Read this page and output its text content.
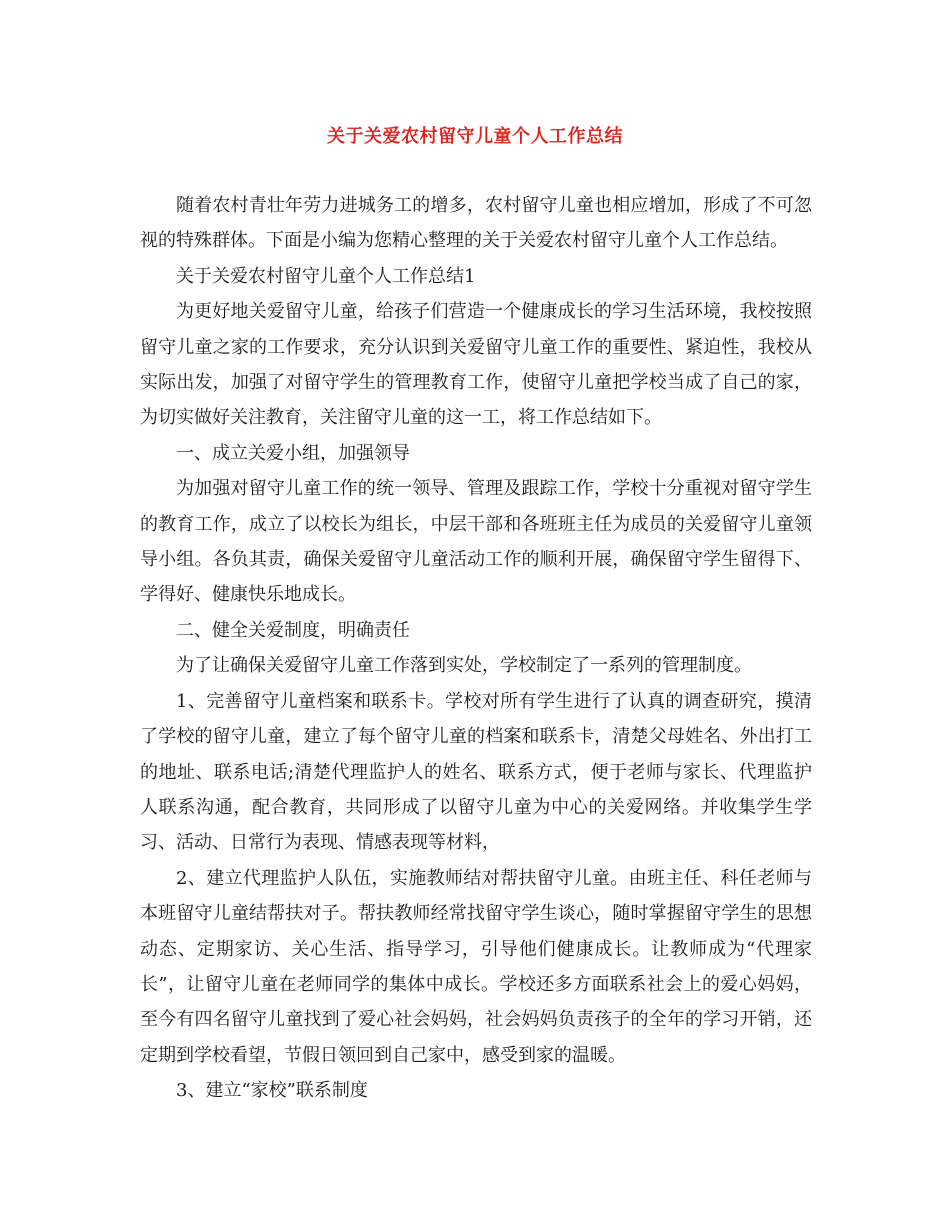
关于关爱农村留守儿童个人工作总结

随着农村青壮年劳力进城务工的增多，农村留守儿童也相应增加，形成了不可忽视的特殊群体。下面是小编为您精心整理的关于关爱农村留守儿童个人工作总结。

关于关爱农村留守儿童个人工作总结1

为更好地关爱留守儿童，给孩子们营造一个健康成长的学习生活环境，我校按照留守儿童之家的工作要求，充分认识到关爱留守儿童工作的重要性、紧迫性，我校从实际出发，加强了对留守学生的管理教育工作，使留守儿童把学校当成了自己的家，为切实做好关注教育，关注留守儿童的这一工，将工作总结如下。

一、成立关爱小组，加强领导

为加强对留守儿童工作的统一领导、管理及跟踪工作，学校十分重视对留守学生的教育工作，成立了以校长为组长，中层干部和各班班主任为成员的关爱留守儿童领导小组。各负其责，确保关爱留守儿童活动工作的顺利开展，确保留守学生留得下、学得好、健康快乐地成长。

二、健全关爱制度，明确责任

为了让确保关爱留守儿童工作落到实处，学校制定了一系列的管理制度。

1、完善留守儿童档案和联系卡。学校对所有学生进行了认真的调查研究，摸清了学校的留守儿童，建立了每个留守儿童的档案和联系卡，清楚父母姓名、外出打工的地址、联系电话;清楚代理监护人的姓名、联系方式，便于老师与家长、代理监护人联系沟通，配合教育，共同形成了以留守儿童为中心的关爱网络。并收集学生学习、活动、日常行为表现、情感表现等材料，

2、建立代理监护人队伍，实施教师结对帮扶留守儿童。由班主任、科任老师与本班留守儿童结帮扶对子。帮扶教师经常找留守学生谈心，随时掌握留守学生的思想动态、定期家访、关心生活、指导学习，引导他们健康成长。让教师成为“代理家长”，让留守儿童在老师同学的集体中成长。学校还多方面联系社会上的爱心妈妈，至今有四名留守儿童找到了爱心社会妈妈，社会妈妈负责孩子的全年的学习开销，还定期到学校看望，节假日领回到自己家中，感受到家的温暖。

3、建立“家校”联系制度
